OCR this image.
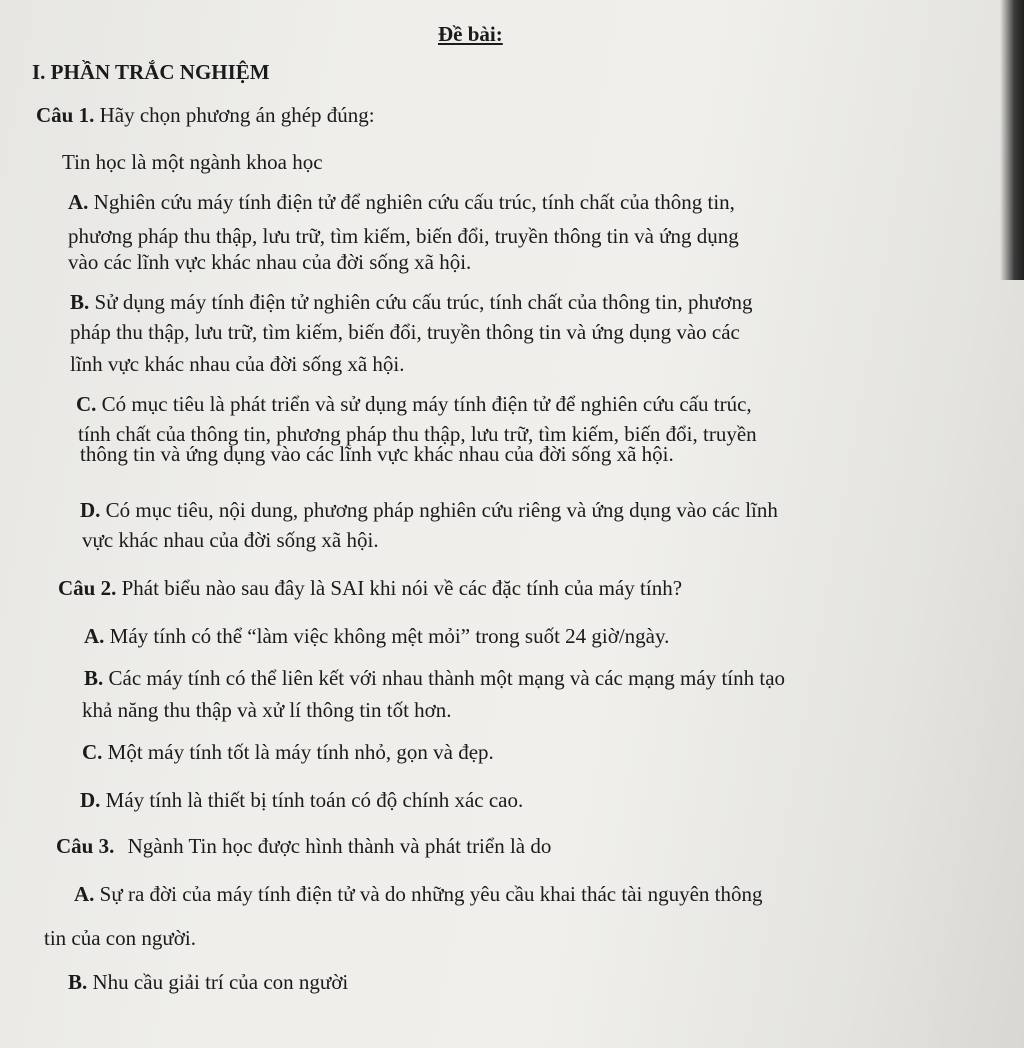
Đề bài:
I. PHẦN TRẮC NGHIỆM
Câu 1. Hãy chọn phương án ghép đúng:
Tin học là một ngành khoa học
A. Nghiên cứu máy tính điện tử để nghiên cứu cấu trúc, tính chất của thông tin,
phương pháp thu thập, lưu trữ, tìm kiếm, biến đổi, truyền thông tin và ứng dụng
vào các lĩnh vực khác nhau của đời sống xã hội.
B. Sử dụng máy tính điện tử nghiên cứu cấu trúc, tính chất của thông tin, phương
pháp thu thập, lưu trữ, tìm kiếm, biến đổi, truyền thông tin và ứng dụng vào các
lĩnh vực khác nhau của đời sống xã hội.
C. Có mục tiêu là phát triển và sử dụng máy tính điện tử để nghiên cứu cấu trúc,
tính chất của thông tin, phương pháp thu thập, lưu trữ, tìm kiếm, biến đổi, truyền
thông tin và ứng dụng vào các lĩnh vực khác nhau của đời sống xã hội.
D. Có mục tiêu, nội dung, phương pháp nghiên cứu riêng và ứng dụng vào các lĩnh
vực khác nhau của đời sống xã hội.
Câu 2. Phát biểu nào sau đây là SAI khi nói về các đặc tính của máy tính?
A. Máy tính có thể “làm việc không mệt mỏi” trong suốt 24 giờ/ngày.
B. Các máy tính có thể liên kết với nhau thành một mạng và các mạng máy tính tạo
khả năng thu thập và xử lí thông tin tốt hơn.
C. Một máy tính tốt là máy tính nhỏ, gọn và đẹp.
D. Máy tính là thiết bị tính toán có độ chính xác cao.
Câu 3. Ngành Tin học được hình thành và phát triển là do
A. Sự ra đời của máy tính điện tử và do những yêu cầu khai thác tài nguyên thông
tin của con người.
B. Nhu cầu giải trí của con người
